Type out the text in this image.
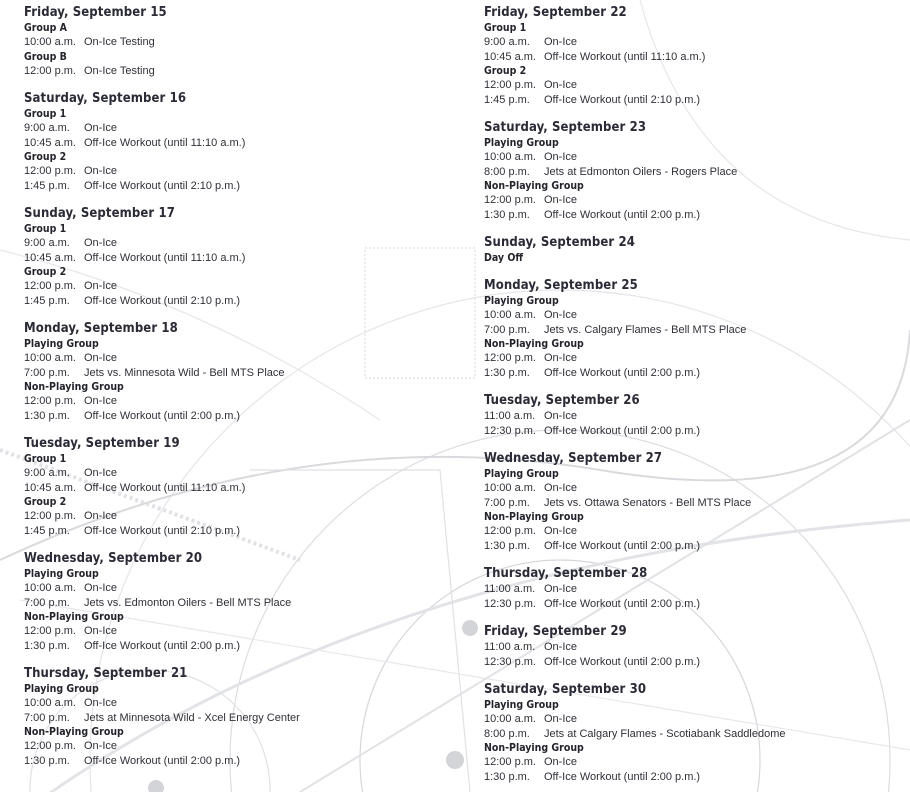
Friday, September 15
Group A
10:00 a.m. On-Ice Testing
Group B
12:00 p.m. On-Ice Testing
Saturday, September 16
Group 1
9:00 a.m.	On-Ice
10:45 a.m. Off-Ice Workout (until 11:10 a.m.)
Group 2
12:00 p.m. On-Ice
1:45 p.m.	Off-Ice Workout (until 2:10 p.m.)
Sunday, September 17
Group 1
9:00 a.m.	On-Ice
10:45 a.m. Off-Ice Workout (until 11:10 a.m.)
Group 2
12:00 p.m. On-Ice
1:45 p.m.	Off-Ice Workout (until 2:10 p.m.)
Monday, September 18
Playing Group
10:00 a.m. On-Ice
7:00 p.m.	Jets vs. Minnesota Wild - Bell MTS Place
Non-Playing Group
12:00 p.m. On-Ice
1:30 p.m.	Off-Ice Workout (until 2:00 p.m.)
Tuesday, September 19
Group 1
9:00 a.m.	On-Ice
10:45 a.m. Off-Ice Workout (until 11:10 a.m.)
Group 2
12:00 p.m. On-Ice
1:45 p.m.	Off-Ice Workout (until 2:10 p.m.)
Wednesday, September 20
Playing Group
10:00 a.m. On-Ice
7:00 p.m.	Jets vs. Edmonton Oilers - Bell MTS Place
Non-Playing Group
12:00 p.m. On-Ice
1:30 p.m.	Off-Ice Workout (until 2:00 p.m.)
Thursday, September 21
Playing Group
10:00 a.m. On-Ice
7:00 p.m.	Jets at Minnesota Wild - Xcel Energy Center
Non-Playing Group
12:00 p.m. On-Ice
1:30 p.m.	Off-Ice Workout (until 2:00 p.m.)
Friday, September 22
Group 1
9:00 a.m.	On-Ice
10:45 a.m. Off-Ice Workout (until 11:10 a.m.)
Group 2
12:00 p.m. On-Ice
1:45 p.m.	Off-Ice Workout (until 2:10 p.m.)
Saturday, September 23
Playing Group
10:00 a.m. On-Ice
8:00 p.m.	Jets at Edmonton Oilers - Rogers Place
Non-Playing Group
12:00 p.m. On-Ice
1:30 p.m.	Off-Ice Workout (until 2:00 p.m.)
Sunday, September 24
Day Off
Monday, September 25
Playing Group
10:00 a.m. On-Ice
7:00 p.m.	Jets vs. Calgary Flames - Bell MTS Place
Non-Playing Group
12:00 p.m. On-Ice
1:30 p.m.	Off-Ice Workout (until 2:00 p.m.)
Tuesday, September 26
11:00 a.m. On-Ice
12:30 p.m. Off-Ice Workout (until 2:00 p.m.)
Wednesday, September 27
Playing Group
10:00 a.m. On-Ice
7:00 p.m.	Jets vs. Ottawa Senators - Bell MTS Place
Non-Playing Group
12:00 p.m. On-Ice
1:30 p.m.	Off-Ice Workout (until 2:00 p.m.)
Thursday, September 28
11:00 a.m. On-Ice
12:30 p.m. Off-Ice Workout (until 2:00 p.m.)
Friday, September 29
11:00 a.m. On-Ice
12:30 p.m. Off-Ice Workout (until 2:00 p.m.)
Saturday, September 30
Playing Group
10:00 a.m. On-Ice
8:00 p.m.	Jets at Calgary Flames - Scotiabank Saddledome
Non-Playing Group
12:00 p.m. On-Ice
1:30 p.m.	Off-Ice Workout (until 2:00 p.m.)
